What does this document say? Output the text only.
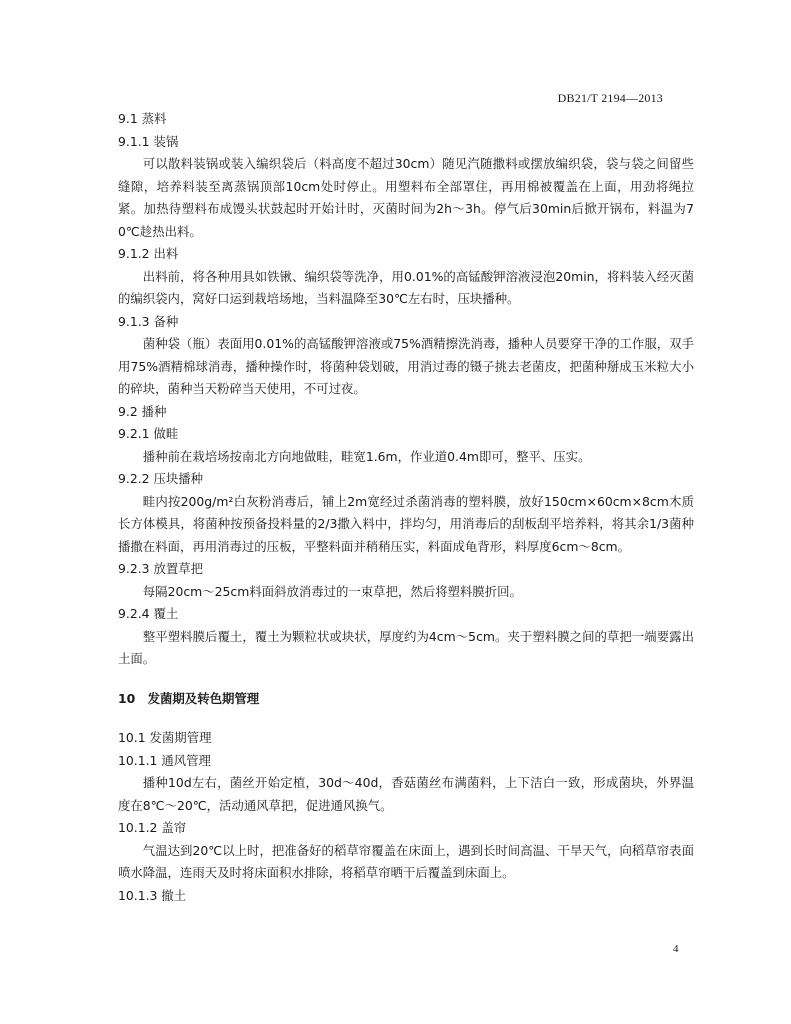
DB21/T 2194—2013
9.1 蒸料
9.1.1 装锅
可以散料装锅或装入编织袋后（料高度不超过30cm）随见汽随撒料或摆放编织袋，袋与袋之间留些缝隙，培养料装至离蒸锅顶部10cm处时停止。用塑料布全部罩住，再用棉被覆盖在上面，用劲将绳拉紧。加热待塑料布成馒头状鼓起时开始计时，灭菌时间为2h～3h。停气后30min后掀开锅布，料温为70℃趁热出料。
9.1.2 出料
出料前，将各种用具如铁锹、编织袋等洗净，用0.01%的高锰酸钾溶液浸泡20min，将料装入经灭菌的编织袋内，窝好口运到栽培场地，当料温降至30℃左右时，压块播种。
9.1.3 备种
菌种袋（瓶）表面用0.01%的高锰酸钾溶液或75%酒精擦洗消毒，播种人员要穿干净的工作服，双手用75%酒精棉球消毒，播种操作时，将菌种袋划破，用消过毒的镊子挑去老菌皮，把菌种掰成玉米粒大小的碎块，菌种当天粉碎当天使用，不可过夜。
9.2 播种
9.2.1 做畦
播种前在栽培场按南北方向地做畦，畦宽1.6m，作业道0.4m即可，整平、压实。
9.2.2 压块播种
畦内按200g/m²白灰粉消毒后，铺上2m宽经过杀菌消毒的塑料膜，放好150cm×60cm×8cm木质长方体模具，将菌种按预备投料量的2/3撒入料中，拌均匀，用消毒后的刮板刮平培养料，将其余1/3菌种播撒在料面，再用消毒过的压板，平整料面并稍稍压实，料面成龟背形，料厚度6cm～8cm。
9.2.3 放置草把
每隔20cm～25cm料面斜放消毒过的一束草把，然后将塑料膜折回。
9.2.4 覆土
整平塑料膜后覆土，覆土为颗粒状或块状，厚度约为4cm～5cm。夹于塑料膜之间的草把一端要露出土面。
10　发菌期及转色期管理
10.1 发菌期管理
10.1.1 通风管理
播种10d左右，菌丝开始定植，30d～40d，香菇菌丝布满菌料，上下洁白一致，形成菌块，外界温度在8℃～20℃，活动通风草把，促进通风换气。
10.1.2 盖帘
气温达到20℃以上时，把准备好的稻草帘覆盖在床面上，遇到长时间高温、干旱天气，向稻草帘表面喷水降温，连雨天及时将床面积水排除，将稻草帘晒干后覆盖到床面上。
10.1.3 撤土
4
